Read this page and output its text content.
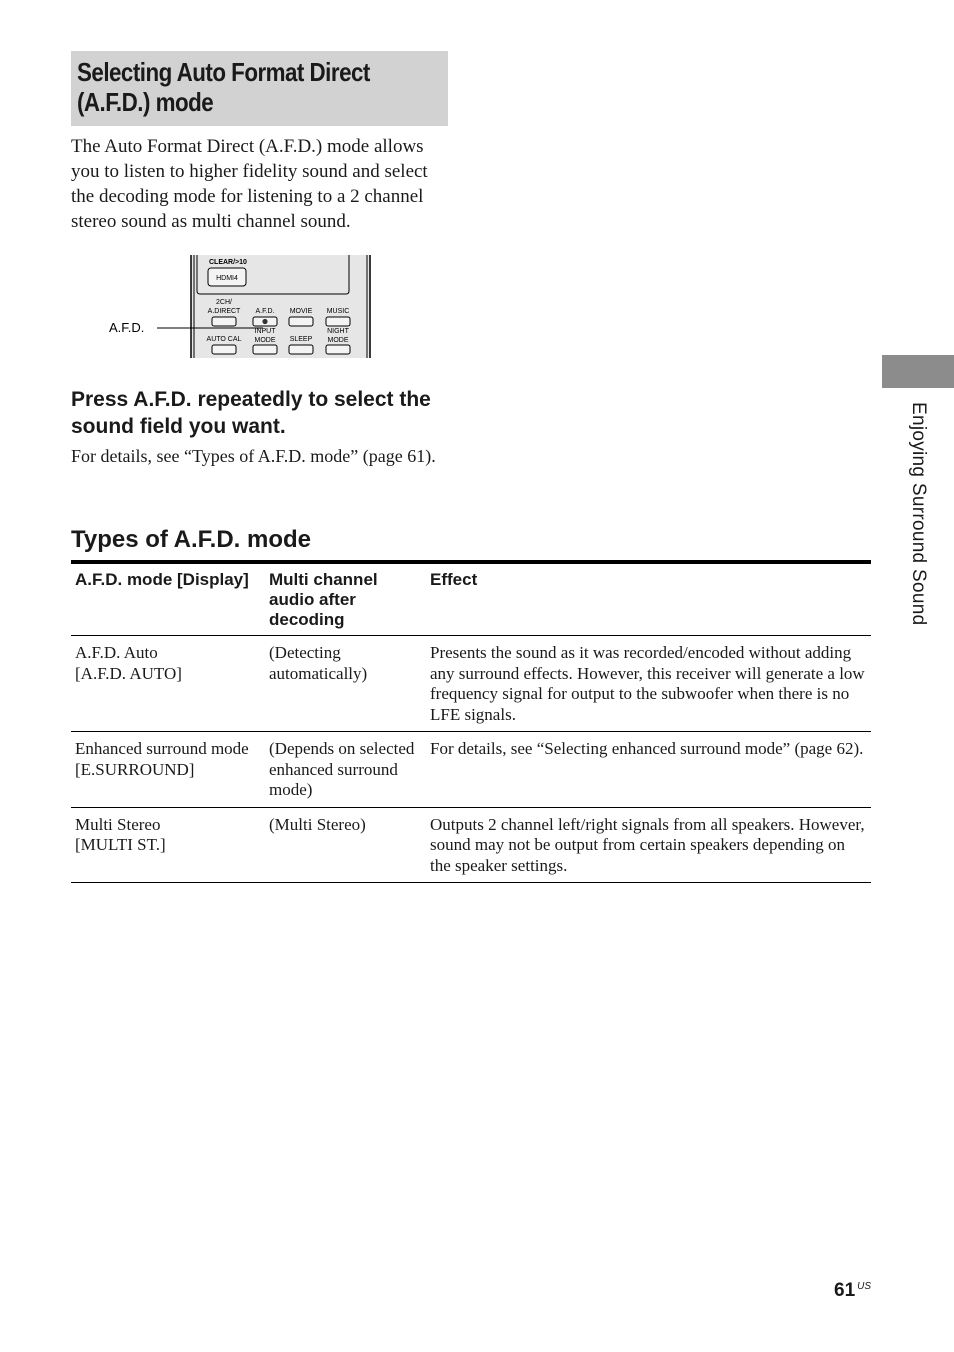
Selecting Auto Format Direct
(A.F.D.) mode

The Auto Format Direct (A.F.D.) mode allows you to listen to higher fidelity sound and select the decoding mode for listening to a 2 channel stereo sound as multi channel sound.

CLEAR/>10
HDMI4
2CH/
A.DIRECT A.F.D. MOVIE MUSIC
AUTO CAL
INPUT
MODE SLEEP
NIGHT
MODE
A.F.D.

Press A.F.D. repeatedly to select the sound field you want.

For details, see “Types of A.F.D. mode” (page 61).

Types of A.F.D. mode
A.F.D. mode [Display]	Multi channel audio after decoding	Effect

A.F.D. Auto
[A.F.D. AUTO]	(Detecting automatically)	Presents the sound as it was recorded/encoded without adding any surround effects. However, this receiver will generate a low frequency signal for output to the subwoofer when there is no LFE signals.

Enhanced surround mode
[E.SURROUND]	(Depends on selected enhanced surround mode)	For details, see “Selecting enhanced surround mode” (page 62).

Multi Stereo
[MULTI ST.]	(Multi Stereo)	Outputs 2 channel left/right signals from all speakers. However, sound may not be output from certain speakers depending on the speaker settings.
Enjoying Surround Sound
61 $^{US}$
